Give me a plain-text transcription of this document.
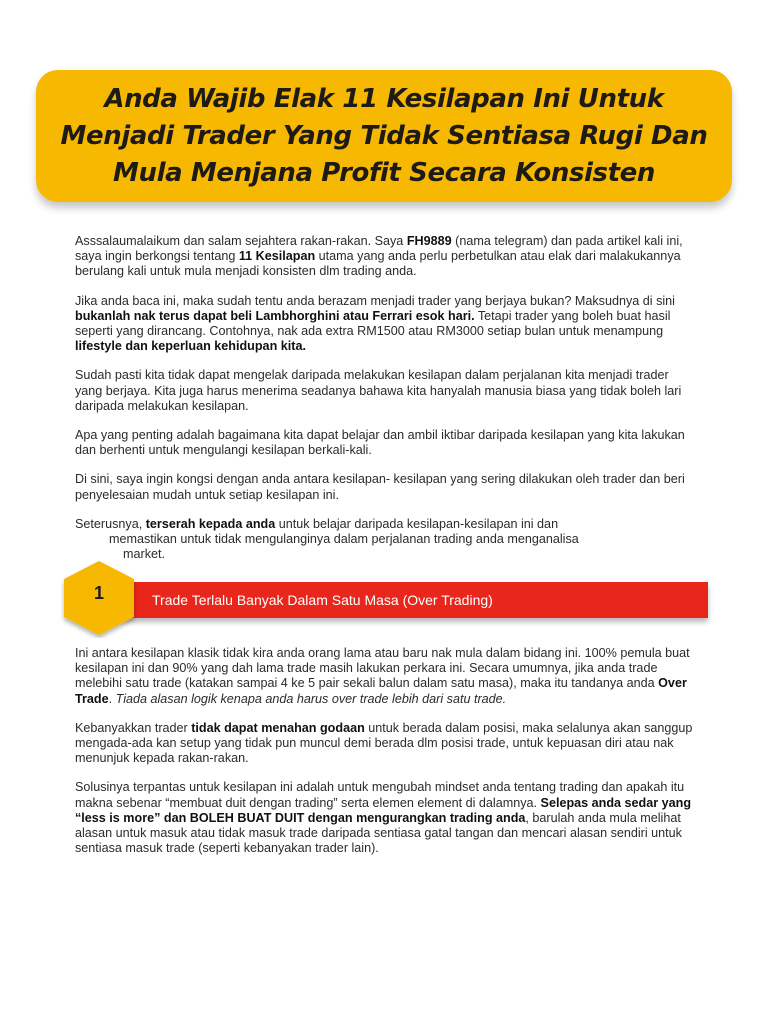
Anda Wajib Elak 11 Kesilapan Ini Untuk Menjadi Trader Yang Tidak Sentiasa Rugi Dan Mula Menjana Profit Secara Konsisten

Asssalaumalaikum dan salam sejahtera rakan-rakan. Saya FH9889 (nama telegram) dan pada artikel kali ini, saya ingin berkongsi tentang 11 Kesilapan utama yang anda perlu perbetulkan atau elak dari malakukannya berulang kali untuk mula menjadi konsisten dlm trading anda.

Jika anda baca ini, maka sudah tentu anda berazam menjadi trader yang berjaya bukan? Maksudnya di sini bukanlah nak terus dapat beli Lambhorghini atau Ferrari esok hari. Tetapi trader yang boleh buat hasil seperti yang dirancang. Contohnya, nak ada extra RM1500 atau RM3000 setiap bulan untuk menampung lifestyle dan keperluan kehidupan kita.

Sudah pasti kita tidak dapat mengelak daripada melakukan kesilapan dalam perjalanan kita menjadi trader yang berjaya. Kita juga harus menerima seadanya bahawa kita hanyalah manusia biasa yang tidak boleh lari daripada melakukan kesilapan.

Apa yang penting adalah bagaimana kita dapat belajar dan ambil iktibar daripada kesilapan yang kita lakukan dan berhenti untuk mengulangi kesilapan berkali-kali.

Di sini, saya ingin kongsi dengan anda antara kesilapan- kesilapan yang sering dilakukan oleh trader dan beri penyelesaian mudah untuk setiap kesilapan ini.

Seterusnya, terserah kepada anda untuk belajar daripada kesilapan-kesilapan ini dan
memastikan untuk tidak mengulanginya dalam perjalanan trading anda menganalisa
market.

Trade Terlalu Banyak Dalam Satu Masa (Over Trading)
1

Ini antara kesilapan klasik tidak kira anda orang lama atau baru nak mula dalam bidang ini. 100% pemula buat kesilapan ini dan 90% yang dah lama trade masih lakukan perkara ini. Secara umumnya, jika anda trade melebihi satu trade (katakan sampai 4 ke 5 pair sekali balun dalam satu masa), maka itu tandanya anda Over Trade. Tiada alasan logik kenapa anda harus over trade lebih dari satu trade.

Kebanyakkan trader tidak dapat menahan godaan untuk berada dalam posisi, maka selalunya akan sanggup mengada-ada kan setup yang tidak pun muncul demi berada dlm posisi trade, untuk kepuasan diri atau nak menunjuk kepada rakan-rakan.

Solusinya terpantas untuk kesilapan ini adalah untuk mengubah mindset anda tentang trading dan apakah itu makna sebenar “membuat duit dengan trading” serta elemen element di dalamnya. Selepas anda sedar yang “less is more” dan BOLEH BUAT DUIT dengan mengurangkan trading anda, barulah anda mula melihat alasan untuk masuk atau tidak masuk trade daripada sentiasa gatal tangan dan mencari alasan sendiri untuk sentiasa masuk trade (seperti kebanyakan trader lain).
